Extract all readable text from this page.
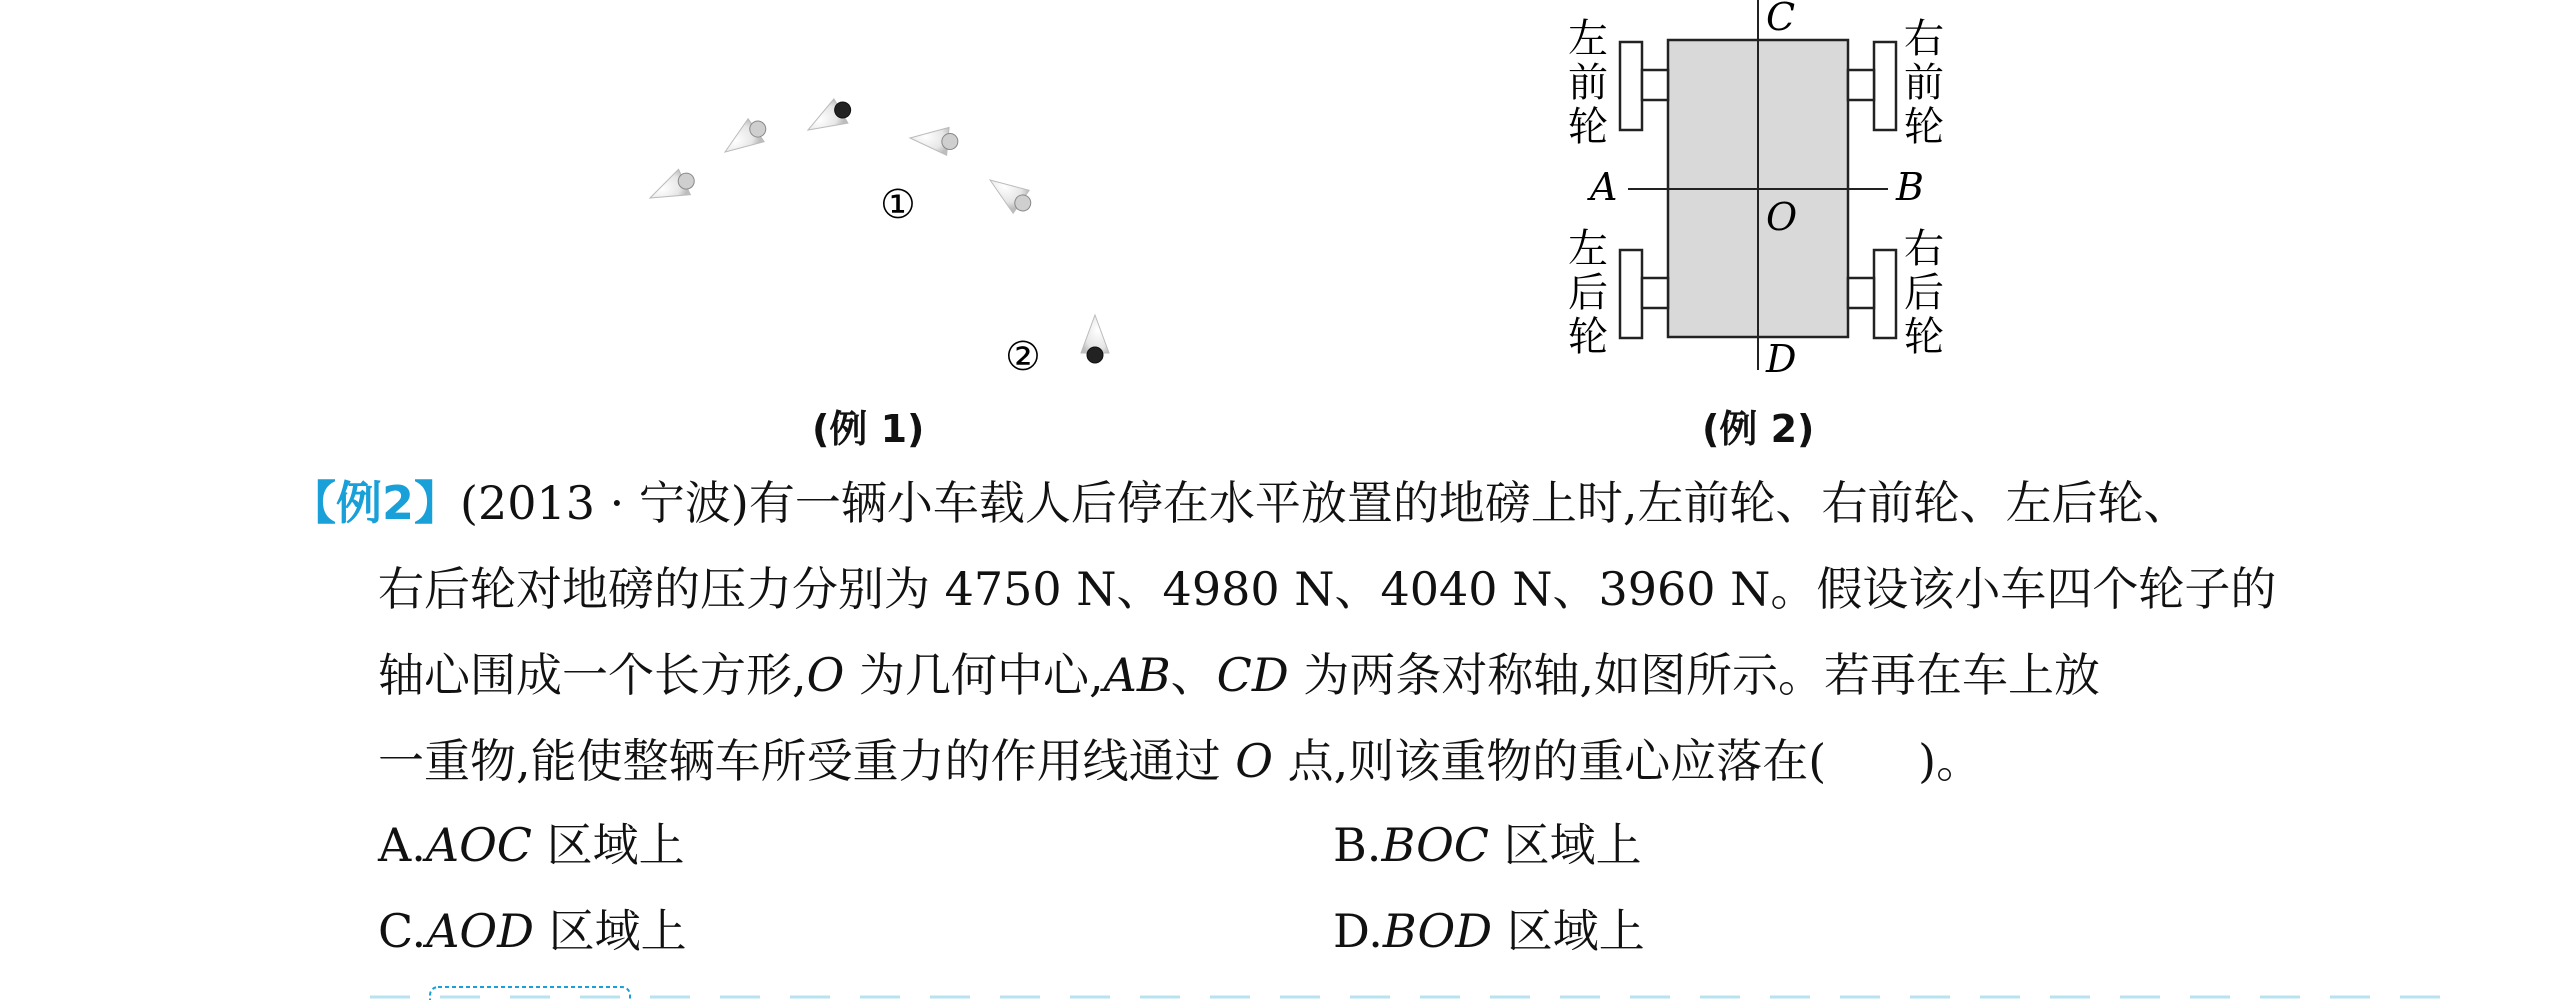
①
②
(例 1)
C
D
A	B
O
左
前
轮
右
前
轮
左
后
轮
右
后
轮
(例 2)
【例2】(2013 · 宁波)有一辆小车载人后停在水平放置的地磅上时,左前轮、右前轮、左后轮、
右后轮对地磅的压力分别为 4750 N、4980 N、4040 N、3960 N。假设该小车四个轮子的
轴心围成一个长方形,O 为几何中心,AB、CD 为两条对称轴,如图所示。若再在车上放
一重物,能使整辆车所受重力的作用线通过 O 点,则该重物的重心应落在(　　)。
A.AOC 区域上	B.BOC 区域上
C.AOD 区域上	D.BOD 区域上
